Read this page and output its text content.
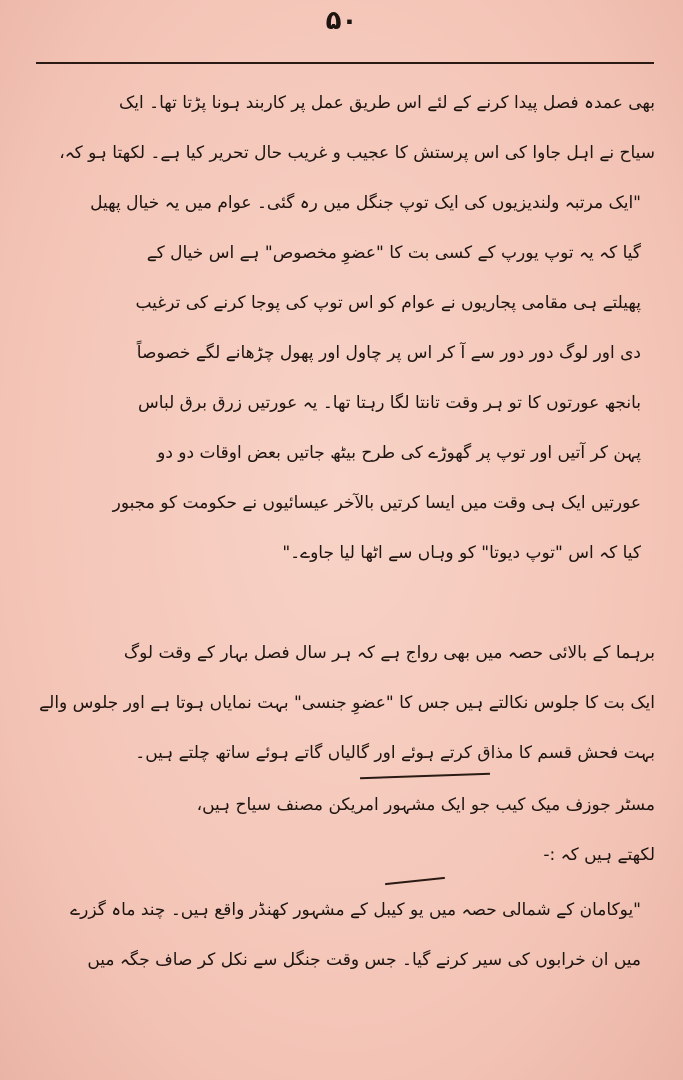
۵۰
بھی عمدہ فصل پیدا کرنے کے لئے اس طریق عمل پر کاربند ہونا پڑتا تھا۔ ایک
سیاح نے اہل جاوا کی اس پرستش کا عجیب و غریب حال تحریر کیا ہے۔ لکھتا ہو کہ،
"ایک مرتبہ ولندیزیوں کی ایک توپ جنگل میں رہ گئی۔ عوام میں یہ خیال پھیل
گیا کہ یہ توپ یورپ کے کسی بت کا "عضوِ مخصوص" ہے اس خیال کے
پھیلتے ہی مقامی پجاریوں نے عوام کو اس توپ کی پوجا کرنے کی ترغیب
دی اور لوگ دور دور سے آ کر اس پر چاول اور پھول چڑھانے لگے خصوصاً
بانجھ عورتوں کا تو ہر وقت تانتا لگا رہتا تھا۔ یہ عورتیں زرق برق لباس
پہن کر آتیں اور توپ پر گھوڑے کی طرح بیٹھ جاتیں بعض اوقات دو دو
عورتیں ایک ہی وقت میں ایسا کرتیں بالآخر عیسائیوں نے حکومت کو مجبور
کیا کہ اس "توپ دیوتا" کو وہاں سے اٹھا لیا جاوے۔"
برہما کے بالائی حصہ میں بھی رواج ہے کہ ہر سال فصل بہار کے وقت لوگ
ایک بت کا جلوس نکالتے ہیں جس کا "عضوِ جنسی" بہت نمایاں ہوتا ہے اور جلوس والے
بہت فحش قسم کا مذاق کرتے ہوئے اور گالیاں گاتے ہوئے ساتھ چلتے ہیں۔
مسٹر جوزف میک کیب جو ایک مشہور امریکن مصنف سیاح ہیں،
لکھتے ہیں کہ :-
"یوکامان کے شمالی حصہ میں یو کیبل کے مشہور کھنڈر واقع ہیں۔ چند ماہ گزرے
میں ان خرابوں کی سیر کرنے گیا۔ جس وقت جنگل سے نکل کر صاف جگہ میں
